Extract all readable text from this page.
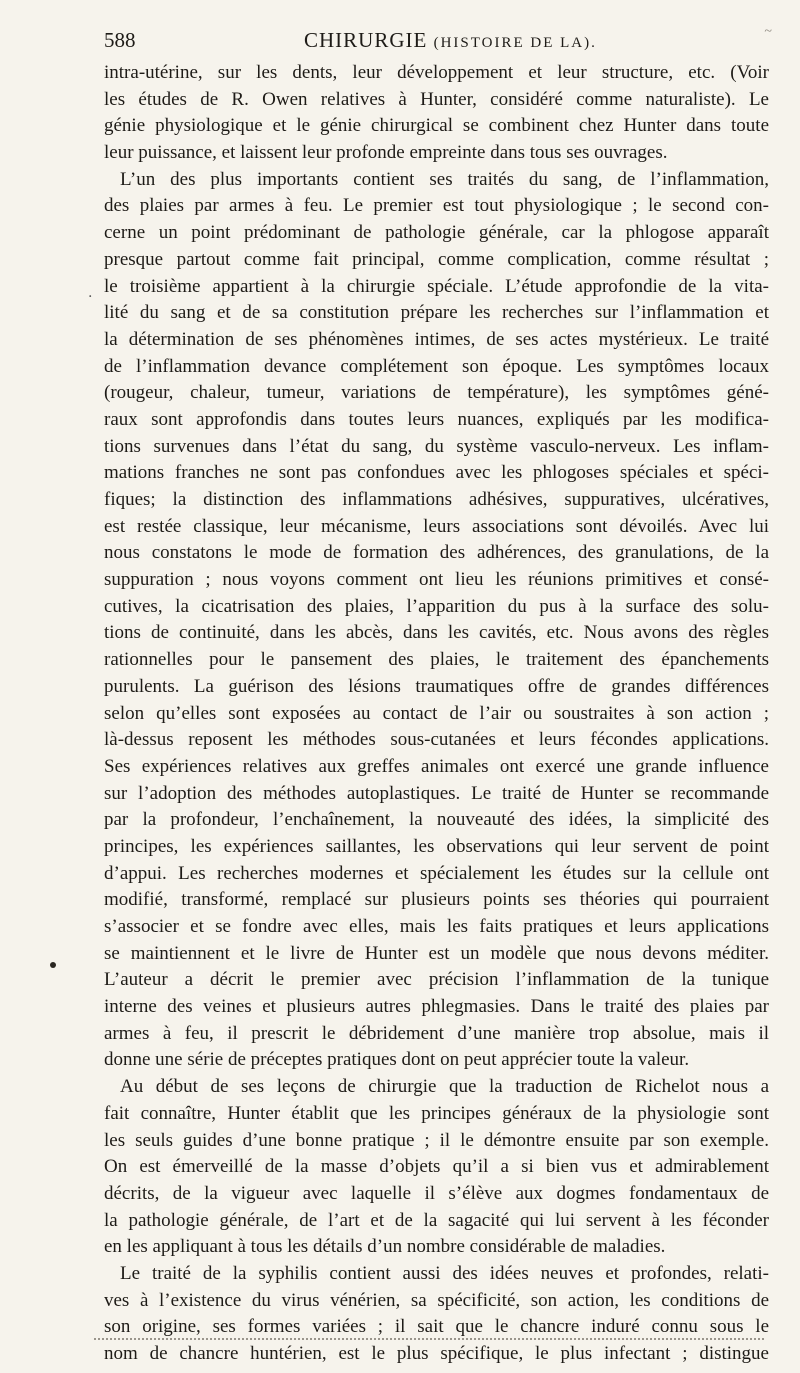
588	CHIRURGIE (HISTOIRE DE LA).
~
.
intra-utérine, sur les dents, leur développement et leur structure, etc. (Voir
les études de R. Owen relatives à Hunter, considéré comme naturaliste). Le
génie physiologique et le génie chirurgical se combinent chez Hunter dans toute
leur puissance, et laissent leur profonde empreinte dans tous ses ouvrages.
L’un des plus importants contient ses traités du sang, de l’inflammation,
des plaies par armes à feu. Le premier est tout physiologique ; le second con-
cerne un point prédominant de pathologie générale, car la phlogose apparaît
presque partout comme fait principal, comme complication, comme résultat ;
le troisième appartient à la chirurgie spéciale. L’étude approfondie de la vita-
lité du sang et de sa constitution prépare les recherches sur l’inflammation et
la détermination de ses phénomènes intimes, de ses actes mystérieux. Le traité
de l’inflammation devance complétement son époque. Les symptômes locaux
(rougeur, chaleur, tumeur, variations de température), les symptômes géné-
raux sont approfondis dans toutes leurs nuances, expliqués par les modifica-
tions survenues dans l’état du sang, du système vasculo-nerveux. Les inflam-
mations franches ne sont pas confondues avec les phlogoses spéciales et spéci-
fiques; la distinction des inflammations adhésives, suppuratives, ulcératives,
est restée classique, leur mécanisme, leurs associations sont dévoilés. Avec lui
nous constatons le mode de formation des adhérences, des granulations, de la
suppuration ; nous voyons comment ont lieu les réunions primitives et consé-
cutives, la cicatrisation des plaies, l’apparition du pus à la surface des solu-
tions de continuité, dans les abcès, dans les cavités, etc. Nous avons des règles
rationnelles pour le pansement des plaies, le traitement des épanchements
purulents. La guérison des lésions traumatiques offre de grandes différences
selon qu’elles sont exposées au contact de l’air ou soustraites à son action ;
là-dessus reposent les méthodes sous-cutanées et leurs fécondes applications.
Ses expériences relatives aux greffes animales ont exercé une grande influence
sur l’adoption des méthodes autoplastiques. Le traité de Hunter se recommande
par la profondeur, l’enchaînement, la nouveauté des idées, la simplicité des
principes, les expériences saillantes, les observations qui leur servent de point
d’appui. Les recherches modernes et spécialement les études sur la cellule ont
modifié, transformé, remplacé sur plusieurs points ses théories qui pourraient
s’associer et se fondre avec elles, mais les faits pratiques et leurs applications
se maintiennent et le livre de Hunter est un modèle que nous devons méditer.
L’auteur a décrit le premier avec précision l’inflammation de la tunique
interne des veines et plusieurs autres phlegmasies. Dans le traité des plaies par
armes à feu, il prescrit le débridement d’une manière trop absolue, mais il
donne une série de préceptes pratiques dont on peut apprécier toute la valeur.
Au début de ses leçons de chirurgie que la traduction de Richelot nous a
fait connaître, Hunter établit que les principes généraux de la physiologie sont
les seuls guides d’une bonne pratique ; il le démontre ensuite par son exemple.
On est émerveillé de la masse d’objets qu’il a si bien vus et admirablement
décrits, de la vigueur avec laquelle il s’élève aux dogmes fondamentaux de
la pathologie générale, de l’art et de la sagacité qui lui servent à les féconder
en les appliquant à tous les détails d’un nombre considérable de maladies.
Le traité de la syphilis contient aussi des idées neuves et profondes, relati-
ves à l’existence du virus vénérien, sa spécificité, son action, les conditions de
son origine, ses formes variées ; il sait que le chancre induré connu sous le
nom de chancre huntérien, est le plus spécifique, le plus infectant ; distingue
